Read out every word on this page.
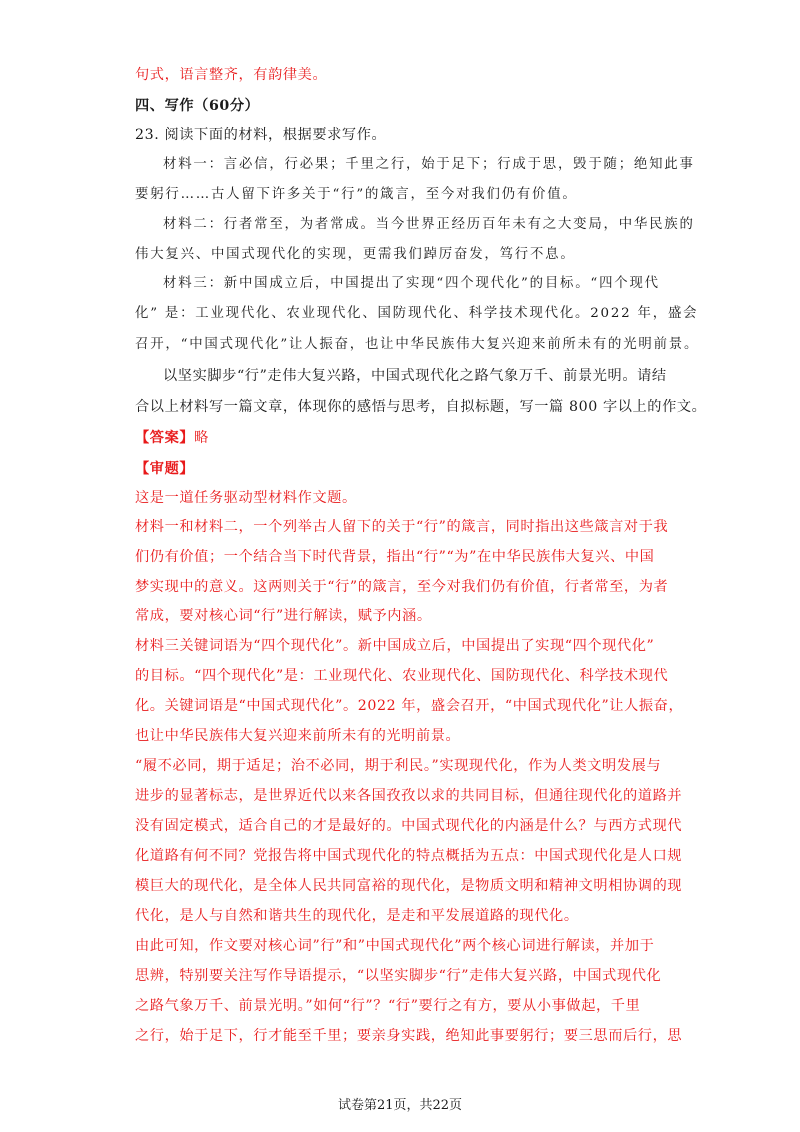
句式，语言整齐，有韵律美。
四、写作（60分）
23. 阅读下面的材料，根据要求写作。
材料一：言必信，行必果；千里之行，始于足下；行成于思，毁于随；绝知此事
要躬行……古人留下许多关于“行”的箴言，至今对我们仍有价值。
材料二：行者常至，为者常成。当今世界正经历百年未有之大变局，中华民族的
伟大复兴、中国式现代化的实现，更需我们踔厉奋发，笃行不息。
材料三：新中国成立后，中国提出了实现“四个现代化”的目标。“四个现代
化” 是：工业现代化、农业现代化、国防现代化、科学技术现代化。2022 年，盛会
召开，“中国式现代化”让人振奋，也让中华民族伟大复兴迎来前所未有的光明前景。
以坚实脚步“行”走伟大复兴路，中国式现代化之路气象万千、前景光明。请结
合以上材料写一篇文章，体现你的感悟与思考，自拟标题，写一篇 800 字以上的作文。
【答案】略
【审题】
这是一道任务驱动型材料作文题。
材料一和材料二，一个列举古人留下的关于“行”的箴言，同时指出这些箴言对于我
们仍有价值；一个结合当下时代背景，指出“行”“为”在中华民族伟大复兴、中国
梦实现中的意义。这两则关于“行”的箴言，至今对我们仍有价值，行者常至，为者
常成，要对核心词“行”进行解读，赋予内涵。
材料三关键词语为“四个现代化”。新中国成立后，中国提出了实现“四个现代化”
的目标。“四个现代化”是：工业现代化、农业现代化、国防现代化、科学技术现代
化。关键词语是“中国式现代化”。2022 年，盛会召开，“中国式现代化”让人振奋，
也让中华民族伟大复兴迎来前所未有的光明前景。
“履不必同，期于适足；治不必同，期于利民。”实现现代化，作为人类文明发展与
进步的显著标志，是世界近代以来各国孜孜以求的共同目标，但通往现代化的道路并
没有固定模式，适合自己的才是最好的。中国式现代化的内涵是什么？与西方式现代
化道路有何不同？党报告将中国式现代化的特点概括为五点：中国式现代化是人口规
模巨大的现代化，是全体人民共同富裕的现代化，是物质文明和精神文明相协调的现
代化，是人与自然和谐共生的现代化，是走和平发展道路的现代化。
由此可知，作文要对核心词”行”和”中国式现代化”两个核心词进行解读，并加于
思辨，特别要关注写作导语提示，“以坚实脚步“行”走伟大复兴路，中国式现代化
之路气象万千、前景光明。”如何“行”？“行”要行之有方，要从小事做起，千里
之行，始于足下，行才能至千里；要亲身实践，绝知此事要躬行；要三思而后行，思
试卷第21页，共22页
